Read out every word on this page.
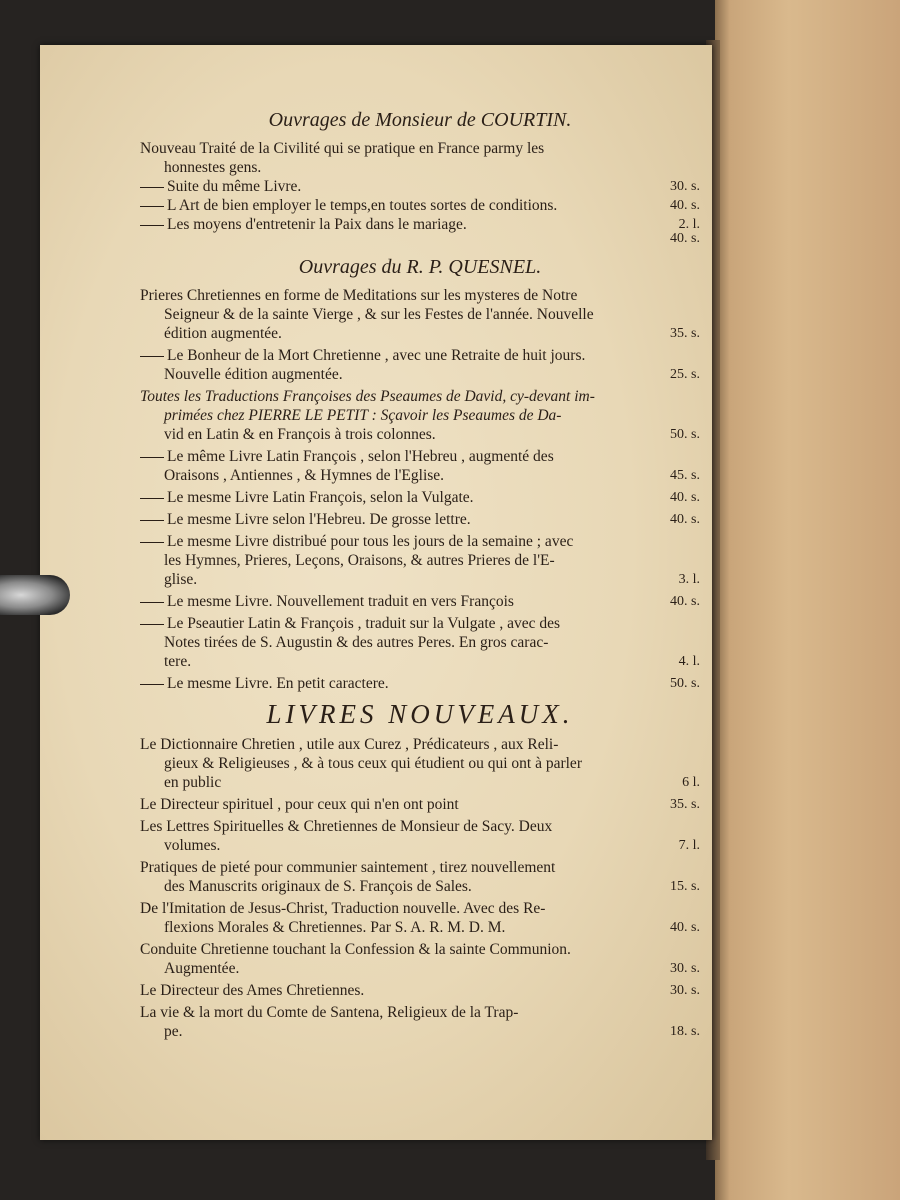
Ouvrages de Monsieur de COURTIN.
Nouveau Traité de la Civilité qui se pratique en France parmy les
honnestes gens.
Suite du même Livre.	30. s.
L Art de bien employer le temps,en toutes sortes de conditions.	40. s.
Les moyens d'entretenir la Paix dans le mariage.	2. l.
40. s.
Ouvrages du R. P. QUESNEL.
Prieres Chretiennes en forme de Meditations sur les mysteres de Notre
Seigneur & de la sainte Vierge , & sur les Festes de l'année. Nouvelle
édition augmentée.	35. s.
Le Bonheur de la Mort Chretienne , avec une Retraite de huit jours.
Nouvelle édition augmentée.	25. s.
Toutes les Traductions Françoises des Pseaumes de David, cy-devant im-
primées chez PIERRE LE PETIT : Sçavoir les Pseaumes de Da-
vid en Latin & en François à trois colonnes.	50. s.
Le même Livre Latin François , selon l'Hebreu , augmenté des
Oraisons , Antiennes , & Hymnes de l'Eglise.	45. s.
Le mesme Livre Latin François, selon la Vulgate.	40. s.
Le mesme Livre selon l'Hebreu. De grosse lettre.	40. s.
Le mesme Livre distribué pour tous les jours de la semaine ; avec
les Hymnes, Prieres, Leçons, Oraisons, & autres Prieres de l'E-
glise.	3. l.
Le mesme Livre. Nouvellement traduit en vers François	40. s.
Le Pseautier Latin & François , traduit sur la Vulgate , avec des
Notes tirées de S. Augustin & des autres Peres. En gros carac-
tere.	4. l.
Le mesme Livre. En petit caractere.	50. s.
LIVRES NOUVEAUX.
Le Dictionnaire Chretien , utile aux Curez , Prédicateurs , aux Reli-
gieux & Religieuses , & à tous ceux qui étudient ou qui ont à parler
en public	6 l.
Le Directeur spirituel , pour ceux qui n'en ont point	35. s.
Les Lettres Spirituelles & Chretiennes de Monsieur de Sacy. Deux
volumes.	7. l.
Pratiques de pieté pour communier saintement , tirez nouvellement
des Manuscrits originaux de S. François de Sales.	15. s.
De l'Imitation de Jesus-Christ, Traduction nouvelle. Avec des Re-
flexions Morales & Chretiennes. Par S. A. R. M. D. M.	40. s.
Conduite Chretienne touchant la Confession & la sainte Communion.
Augmentée.	30. s.
Le Directeur des Ames Chretiennes.	30. s.
La vie & la mort du Comte de Santena, Religieux de la Trap-
pe.	18. s.
